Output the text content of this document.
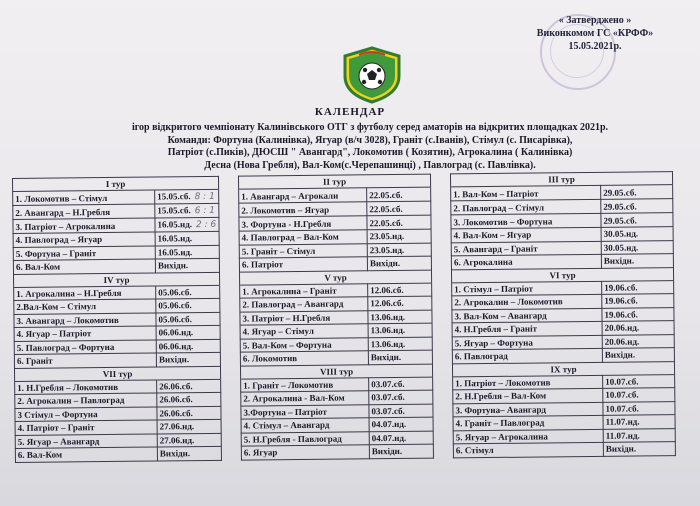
« Затверджено »
Виконкомом ГС «КРФФ»
15.05.2021р.
КАЛЕНДАР
ігор відкритого чемпіонату Калинівського ОТГ з футболу серед аматорів на відкритих площадках 2021р.
Команди: Фортуна (Калинівка), Ягуар (в/ч 3028), Граніт (с.Іванів), Стімул (с. Писарівка),
Патріот (с.Пиків), ДЮСШ " Авангард", Локомотив ( Козятин), Агрокалина ( Калинівка)
Десна (Нова Гребля), Вал-Ком(с.Черепашинці) , Павлоград (с. Павлівка).
I тур			II тур			III тур	
1. Локомотив – Стімул	15.05.сб. 8 : 1		1. Авангард – Агрокали	22.05.сб.		1. Вал-Ком – Патріот	29.05.сб.
2. Авангард – Н.Гребля	15.05.сб. 6 : 1		2. Локомотив – Ягуар	22.05.сб.		2. Павлоград – Стімул	29.05.сб.
3. Патріот – Агрокалина	16.05.нд. 2 : 6		3. Фортуна - Н.Гребля	22.05.сб.		3. Локомотив – Фортуна	29.05.сб.
4. Павлоград – Ягуар	16.05.нд.		4. Павлоград – Вал-Ком	23.05.нд.		4. Вал-Ком – Ягуар	30.05.нд.
5. Фортуна – Граніт	16.05.нд.		5. Граніт – Стімул	23.05.нд.		5. Авангард – Граніт	30.05.нд.
6. Вал-Ком	Вихідн.		6. Патріот	Вихідн.		6. Агрокалина	Вихідн.
IV тур			V тур			VI тур	
1. Агрокалина – Н.Гребля	05.06.сб.		1. Агрокалина – Граніт	12.06.сб.		1. Стімул – Патріот	19.06.сб.
2.Вал-Ком – Стімул	05.06.сб.		2. Павлоград – Авангард	12.06.сб.		2. Агрокалин – Локомотив	19.06.сб.
3. Авангард – Локомотив	05.06.сб.		3. Патріот – Н.Гребля	13.06.нд.		3. Вал-Ком – Авангард	19.06.сб.
4. Ягуар – Патріот	06.06.нд.		4. Ягуар – Стімул	13.06.нд.		4. Н.Гребля – Граніт	20.06.нд.
5. Павлоград – Фортуна	06.06.нд.		5. Вал-Ком – Фортуна	13.06.нд.		5. Ягуар – Фортуна	20.06.нд.
6. Граніт	Вихідн.		6. Локомотив	Вихідн.		6. Павлоград	Вихідн.
VII тур			VIII тур			IX тур	
1. Н.Гребля – Локомотив	26.06.сб.		1. Граніт – Локомотив	03.07.сб.		1. Патріот – Локомотив	10.07.сб.
2. Агрокалин – Павлоград	26.06.сб.		2. Агрокалина - Вал-Ком	03.07.сб.		2. Н.Гребля – Вал-Ком	10.07.сб.
3 Стімул – Фортуна	26.06.сб.		3.Фортуна – Патріот	03.07.сб.		3. Фортуна– Авангард	10.07.сб.
4. Патріот – Граніт	27.06.нд.		4. Стімул – Авангард	04.07.нд.		4. Граніт – Павлоград	11.07.нд.
5. Ягуар – Авангард	27.06.нд.		5. Н.Гребля - Павлоград	04.07.нд.		5. Ягуар – Агрокалина	11.07.нд.
6. Вал-Ком	Вихідн.		6. Ягуар	Вихідн.		6. Стімул	Вихідн.
